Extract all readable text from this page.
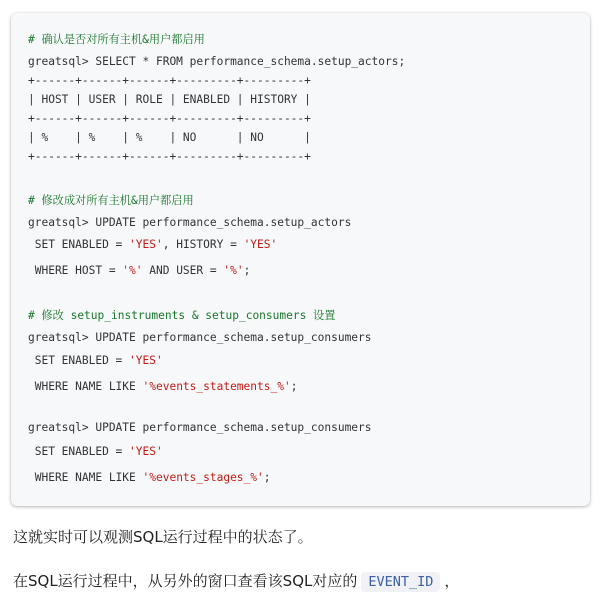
# 确认是否对所有主机&用户都启用
greatsql> SELECT * FROM performance_schema.setup_actors;
+------+------+------+---------+---------+
| HOST | USER | ROLE | ENABLED | HISTORY |
+------+------+------+---------+---------+
| %    | %    | %    | NO      | NO      |
+------+------+------+---------+---------+
# 修改成对所有主机&用户都启用
greatsql> UPDATE performance_schema.setup_actors
SET ENABLED = 'YES', HISTORY = 'YES'
WHERE HOST = '%' AND USER = '%';
# 修改 setup_instruments & setup_consumers 设置
greatsql> UPDATE performance_schema.setup_consumers
SET ENABLED = 'YES'
WHERE NAME LIKE '%events_statements_%';
greatsql> UPDATE performance_schema.setup_consumers
SET ENABLED = 'YES'
WHERE NAME LIKE '%events_stages_%';
这就实时可以观测SQL运行过程中的状态了。
在SQL运行过程中，从另外的窗口查看该SQL对应的 EVENT_ID ，
